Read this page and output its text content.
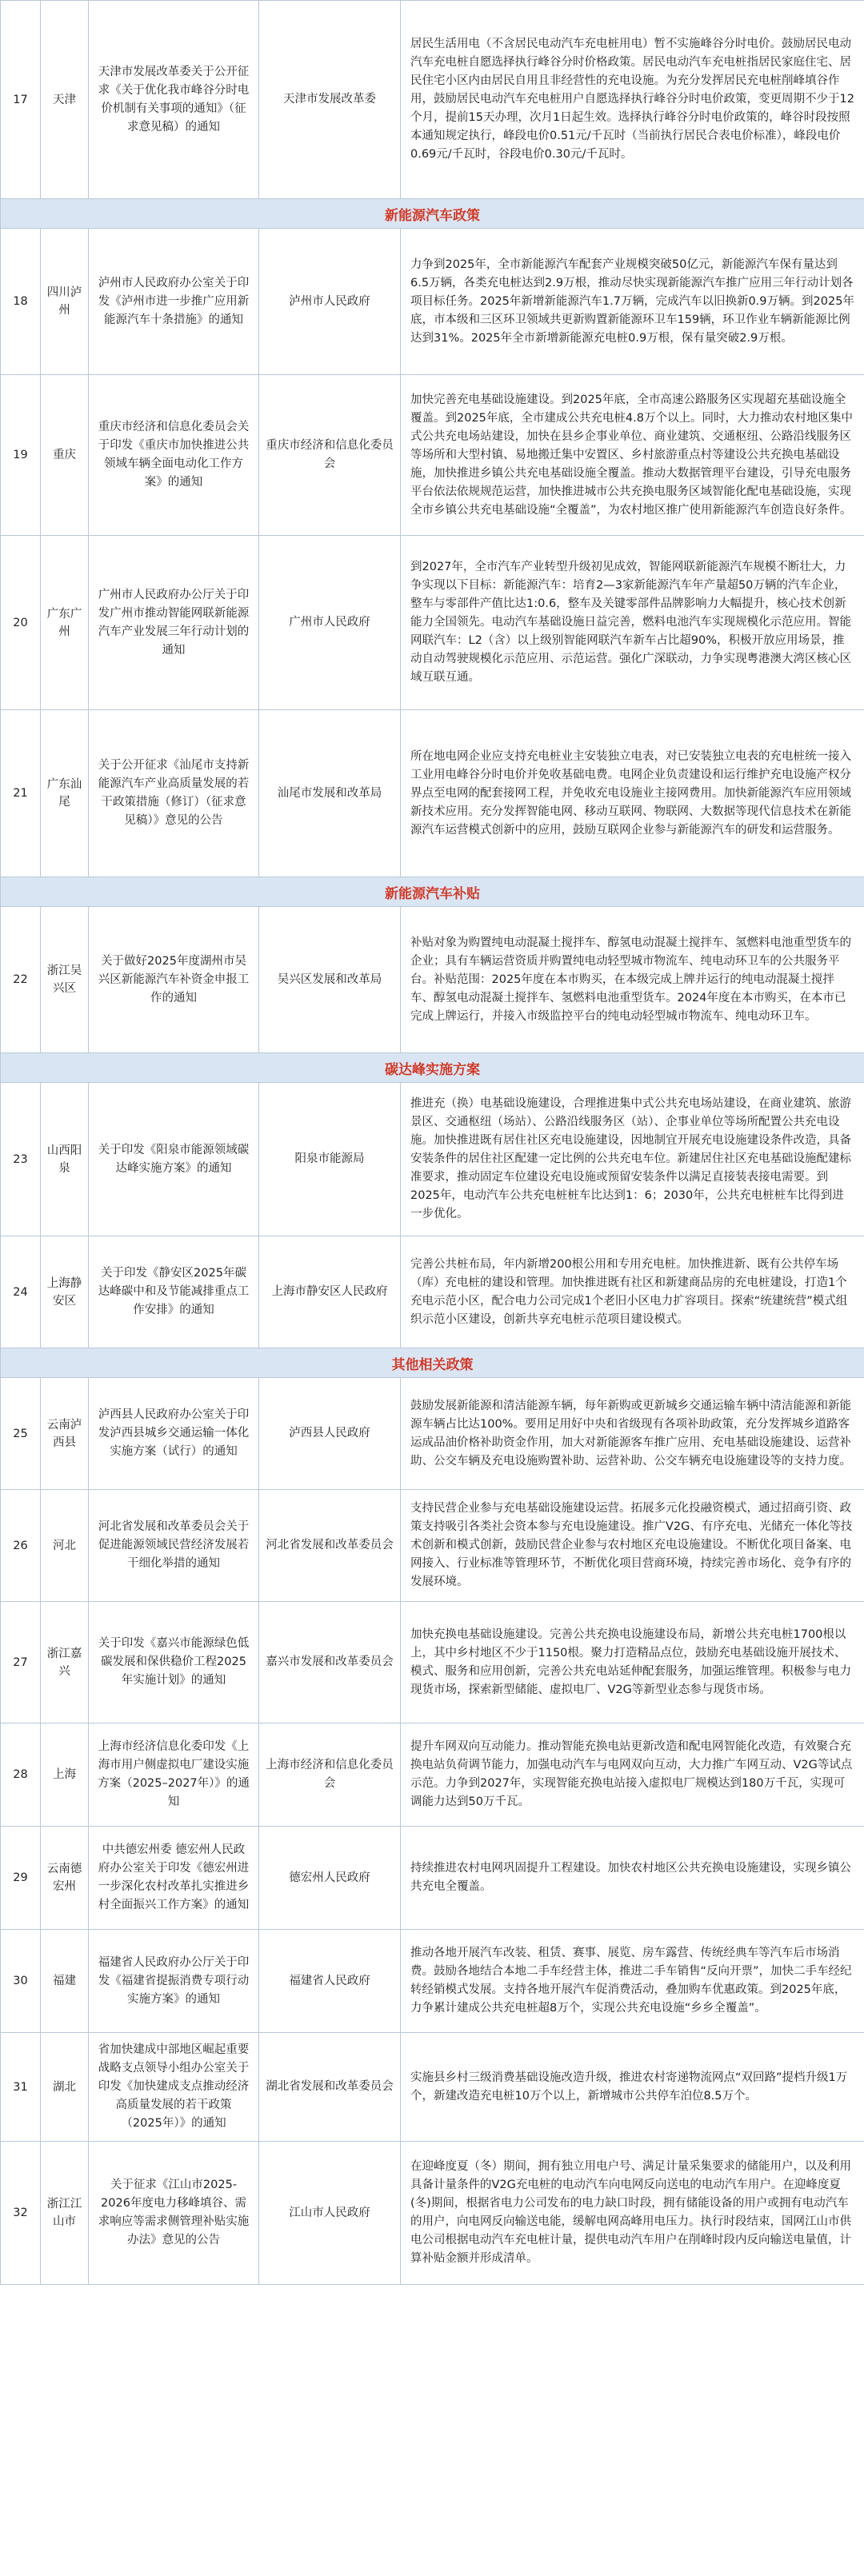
17	天津	天津市发展改革委关于公开征求《关于优化我市峰谷分时电价机制有关事项的通知》（征求意见稿）的通知	天津市发展改革委	居民生活用电（不含居民电动汽车充电桩用电）暂不实施峰谷分时电价。鼓励居民电动汽车充电桩自愿选择执行峰谷分时价格政策。居民电动汽车充电桩指居民家庭住宅、居民住宅小区内由居民自用且非经营性的充电设施。为充分发挥居民充电桩削峰填谷作用，鼓励居民电动汽车充电桩用户自愿选择执行峰谷分时电价政策，变更周期不少于12个月，提前15天办理，次月1日起生效。选择执行峰谷分时电价政策的，峰谷时段按照本通知规定执行，峰段电价0.51元/千瓦时（当前执行居民合表电价标准），峰段电价0.69元/千瓦时，谷段电价0.30元/千瓦时。
新能源汽车政策				
18	四川泸州	泸州市人民政府办公室关于印发《泸州市进一步推广应用新能源汽车十条措施》的通知	泸州市人民政府	力争到2025年，全市新能源汽车配套产业规模突破50亿元，新能源汽车保有量达到6.5万辆，各类充电桩达到2.9万根，推动尽快实现新能源汽车推广应用三年行动计划各项目标任务。2025年新增新能源汽车1.7万辆，完成汽车以旧换新0.9万辆。到2025年底，市本级和三区环卫领域共更新购置新能源环卫车159辆，环卫作业车辆新能源比例达到31%。2025年全市新增新能源充电桩0.9万根，保有量突破2.9万根。
19	重庆	重庆市经济和信息化委员会关于印发《重庆市加快推进公共领域车辆全面电动化工作方案》的通知	重庆市经济和信息化委员会	加快完善充电基础设施建设。到2025年底，全市高速公路服务区实现超充基础设施全覆盖。到2025年底，全市建成公共充电桩4.8万个以上。同时，大力推动农村地区集中式公共充电场站建设，加快在县乡企事业单位、商业建筑、交通枢纽、公路沿线服务区等场所和大型村镇、易地搬迁集中安置区、乡村旅游重点村等建设公共充换电基础设施，加快推进乡镇公共充电基础设施全覆盖。推动大数据管理平台建设，引导充电服务平台依法依规规范运营，加快推进城市公共充换电服务区域智能化配电基础设施，实现全市乡镇公共充电基础设施“全覆盖”，为农村地区推广使用新能源汽车创造良好条件。
20	广东广州	广州市人民政府办公厅关于印发广州市推动智能网联新能源汽车产业发展三年行动计划的通知	广州市人民政府	到2027年，全市汽车产业转型升级初见成效，智能网联新能源汽车规模不断壮大，力争实现以下目标：新能源汽车：培育2—3家新能源汽车年产量超50万辆的汽车企业，整车与零部件产值比达1:0.6，整车及关键零部件品牌影响力大幅提升，核心技术创新能力全国领先。电动汽车基础设施日益完善，燃料电池汽车实现规模化示范应用。智能网联汽车：L2（含）以上级别智能网联汽车新车占比超90%，积极开放应用场景，推动自动驾驶规模化示范应用、示范运营。强化广深联动，力争实现粤港澳大湾区核心区域互联互通。
21	广东汕尾	关于公开征求《汕尾市支持新能源汽车产业高质量发展的若干政策措施（修订）（征求意见稿）》意见的公告	汕尾市发展和改革局	所在地电网企业应支持充电桩业主安装独立电表，对已安装独立电表的充电桩统一接入工业用电峰谷分时电价并免收基础电费。电网企业负责建设和运行维护充电设施产权分界点至电网的配套接网工程，并免收充电设施业主接网费用。加快新能源汽车应用领域新技术应用。充分发挥智能电网、移动互联网、物联网、大数据等现代信息技术在新能源汽车运营模式创新中的应用，鼓励互联网企业参与新能源汽车的研发和运营服务。
新能源汽车补贴				
22	浙江吴兴区	关于做好2025年度湖州市吴兴区新能源汽车补资金申报工作的通知	吴兴区发展和改革局	补贴对象为购置纯电动混凝土搅拌车、醇氢电动混凝土搅拌车、氢燃料电池重型货车的企业；具有车辆运营资质并购置纯电动轻型城市物流车、纯电动环卫车的公共服务平台。补贴范围：2025年度在本市购买，在本级完成上牌并运行的纯电动混凝土搅拌车、醇氢电动混凝土搅拌车、氢燃料电池重型货车。2024年度在本市购买，在本市已完成上牌运行，并接入市级监控平台的纯电动轻型城市物流车、纯电动环卫车。
碳达峰实施方案				
23	山西阳泉	关于印发《阳泉市能源领域碳达峰实施方案》的通知	阳泉市能源局	推进充（换）电基础设施建设，合理推进集中式公共充电场站建设，在商业建筑、旅游景区、交通枢纽（场站）、公路沿线服务区（站）、企事业单位等场所配置公共充电设施。加快推进既有居住社区充电设施建设，因地制宜开展充电设施建设条件改造，具备安装条件的居住社区配建一定比例的公共充电车位。新建居住社区充电基础设施配建标准要求，推动固定车位建设充电设施或预留安装条件以满足直接装表接电需要。到2025年，电动汽车公共充电桩桩车比达到1：6；2030年，公共充电桩桩车比得到进一步优化。
24	上海静安区	关于印发《静安区2025年碳达峰碳中和及节能减排重点工作安排》的通知	上海市静安区人民政府	完善公共桩布局，年内新增200根公用和专用充电桩。加快推进新、既有公共停车场（库）充电桩的建设和管理。加快推进既有社区和新建商品房的充电桩建设，打造1个充电示范小区，配合电力公司完成1个老旧小区电力扩容项目。探索“统建统营”模式组织示范小区建设，创新共享充电桩示范项目建设模式。
其他相关政策				
25	云南泸西县	泸西县人民政府办公室关于印发泸西县城乡交通运输一体化实施方案（试行）的通知	泸西县人民政府	鼓励发展新能源和清洁能源车辆，每年新购或更新城乡交通运输车辆中清洁能源和新能源车辆占比达100%。要用足用好中央和省级现有各项补助政策，充分发挥城乡道路客运成品油价格补助资金作用，加大对新能源客车推广应用、充电基础设施建设、运营补助、公交车辆及充电设施购置补助、运营补助、公交车辆充电设施建设等的支持力度。
26	河北	河北省发展和改革委员会关于促进能源领域民营经济发展若干细化举措的通知	河北省发展和改革委员会	支持民营企业参与充电基础设施建设运营。拓展多元化投融资模式，通过招商引资、政策支持吸引各类社会资本参与充电设施建设。推广V2G、有序充电、光储充一体化等技术创新和模式创新，鼓励民营企业参与农村地区充电设施建设。不断优化项目备案、电网接入、行业标准等管理环节，不断优化项目营商环境，持续完善市场化、竞争有序的发展环境。
27	浙江嘉兴	关于印发《嘉兴市能源绿色低碳发展和保供稳价工程2025年实施计划》的通知	嘉兴市发展和改革委员会	加快充换电基础设施建设。完善公共充换电设施建设布局，新增公共充电桩1700根以上，其中乡村地区不少于1150根。聚力打造精品点位，鼓励充电基础设施开展技术、模式、服务和应用创新，完善公共充电站延伸配套服务，加强运维管理。积极参与电力现货市场，探索新型储能、虚拟电厂、V2G等新型业态参与现货市场。
28	上海	上海市经济信息化委印发《上海市用户侧虚拟电厂建设实施方案（2025–2027年）》的通知	上海市经济和信息化委员会	提升车网双向互动能力。推动智能充换电站更新改造和配电网智能化改造，有效聚合充换电站负荷调节能力，加强电动汽车与电网双向互动，大力推广车网互动、V2G等试点示范。力争到2027年，实现智能充换电站接入虚拟电厂规模达到180万千瓦，实现可调能力达到50万千瓦。
29	云南德宏州	中共德宏州委 德宏州人民政府办公室关于印发《德宏州进一步深化农村改革扎实推进乡村全面振兴工作方案》的通知	德宏州人民政府	持续推进农村电网巩固提升工程建设。加快农村地区公共充换电设施建设，实现乡镇公共充电全覆盖。
30	福建	福建省人民政府办公厅关于印发《福建省提振消费专项行动实施方案》的通知	福建省人民政府	推动各地开展汽车改装、租赁、赛事、展览、房车露营、传统经典车等汽车后市场消费。鼓励各地结合本地二手车经营主体，推进二手车销售“反向开票”，加快二手车经纪转经销模式发展。支持各地开展汽车促消费活动，叠加购车优惠政策。到2025年底，力争累计建成公共充电桩超8万个，实现公共充电设施“乡乡全覆盖”。
31	湖北	省加快建成中部地区崛起重要战略支点领导小组办公室关于印发《加快建成支点推动经济高质量发展的若干政策（2025年）》的通知	湖北省发展和改革委员会	实施县乡村三级消费基础设施改造升级，推进农村寄递物流网点“双回路”提档升级1万个，新建改造充电桩10万个以上，新增城市公共停车泊位8.5万个。
32	浙江江山市	关于征求《江山市2025-2026年度电力移峰填谷、需求响应等需求侧管理补贴实施办法》意见的公告	江山市人民政府	在迎峰度夏（冬）期间，拥有独立用电户号、满足计量采集要求的储能用户，以及利用具备计量条件的V2G充电桩的电动汽车向电网反向送电的电动汽车用户。在迎峰度夏(冬)期间，根据省电力公司发布的电力缺口时段，拥有储能设备的用户或拥有电动汽车的用户，向电网反向输送电能，缓解电网高峰用电压力。执行时段结束，国网江山市供电公司根据电动汽车充电桩计量，提供电动汽车用户在削峰时段内反向输送电量值，计算补贴金额并形成清单。
